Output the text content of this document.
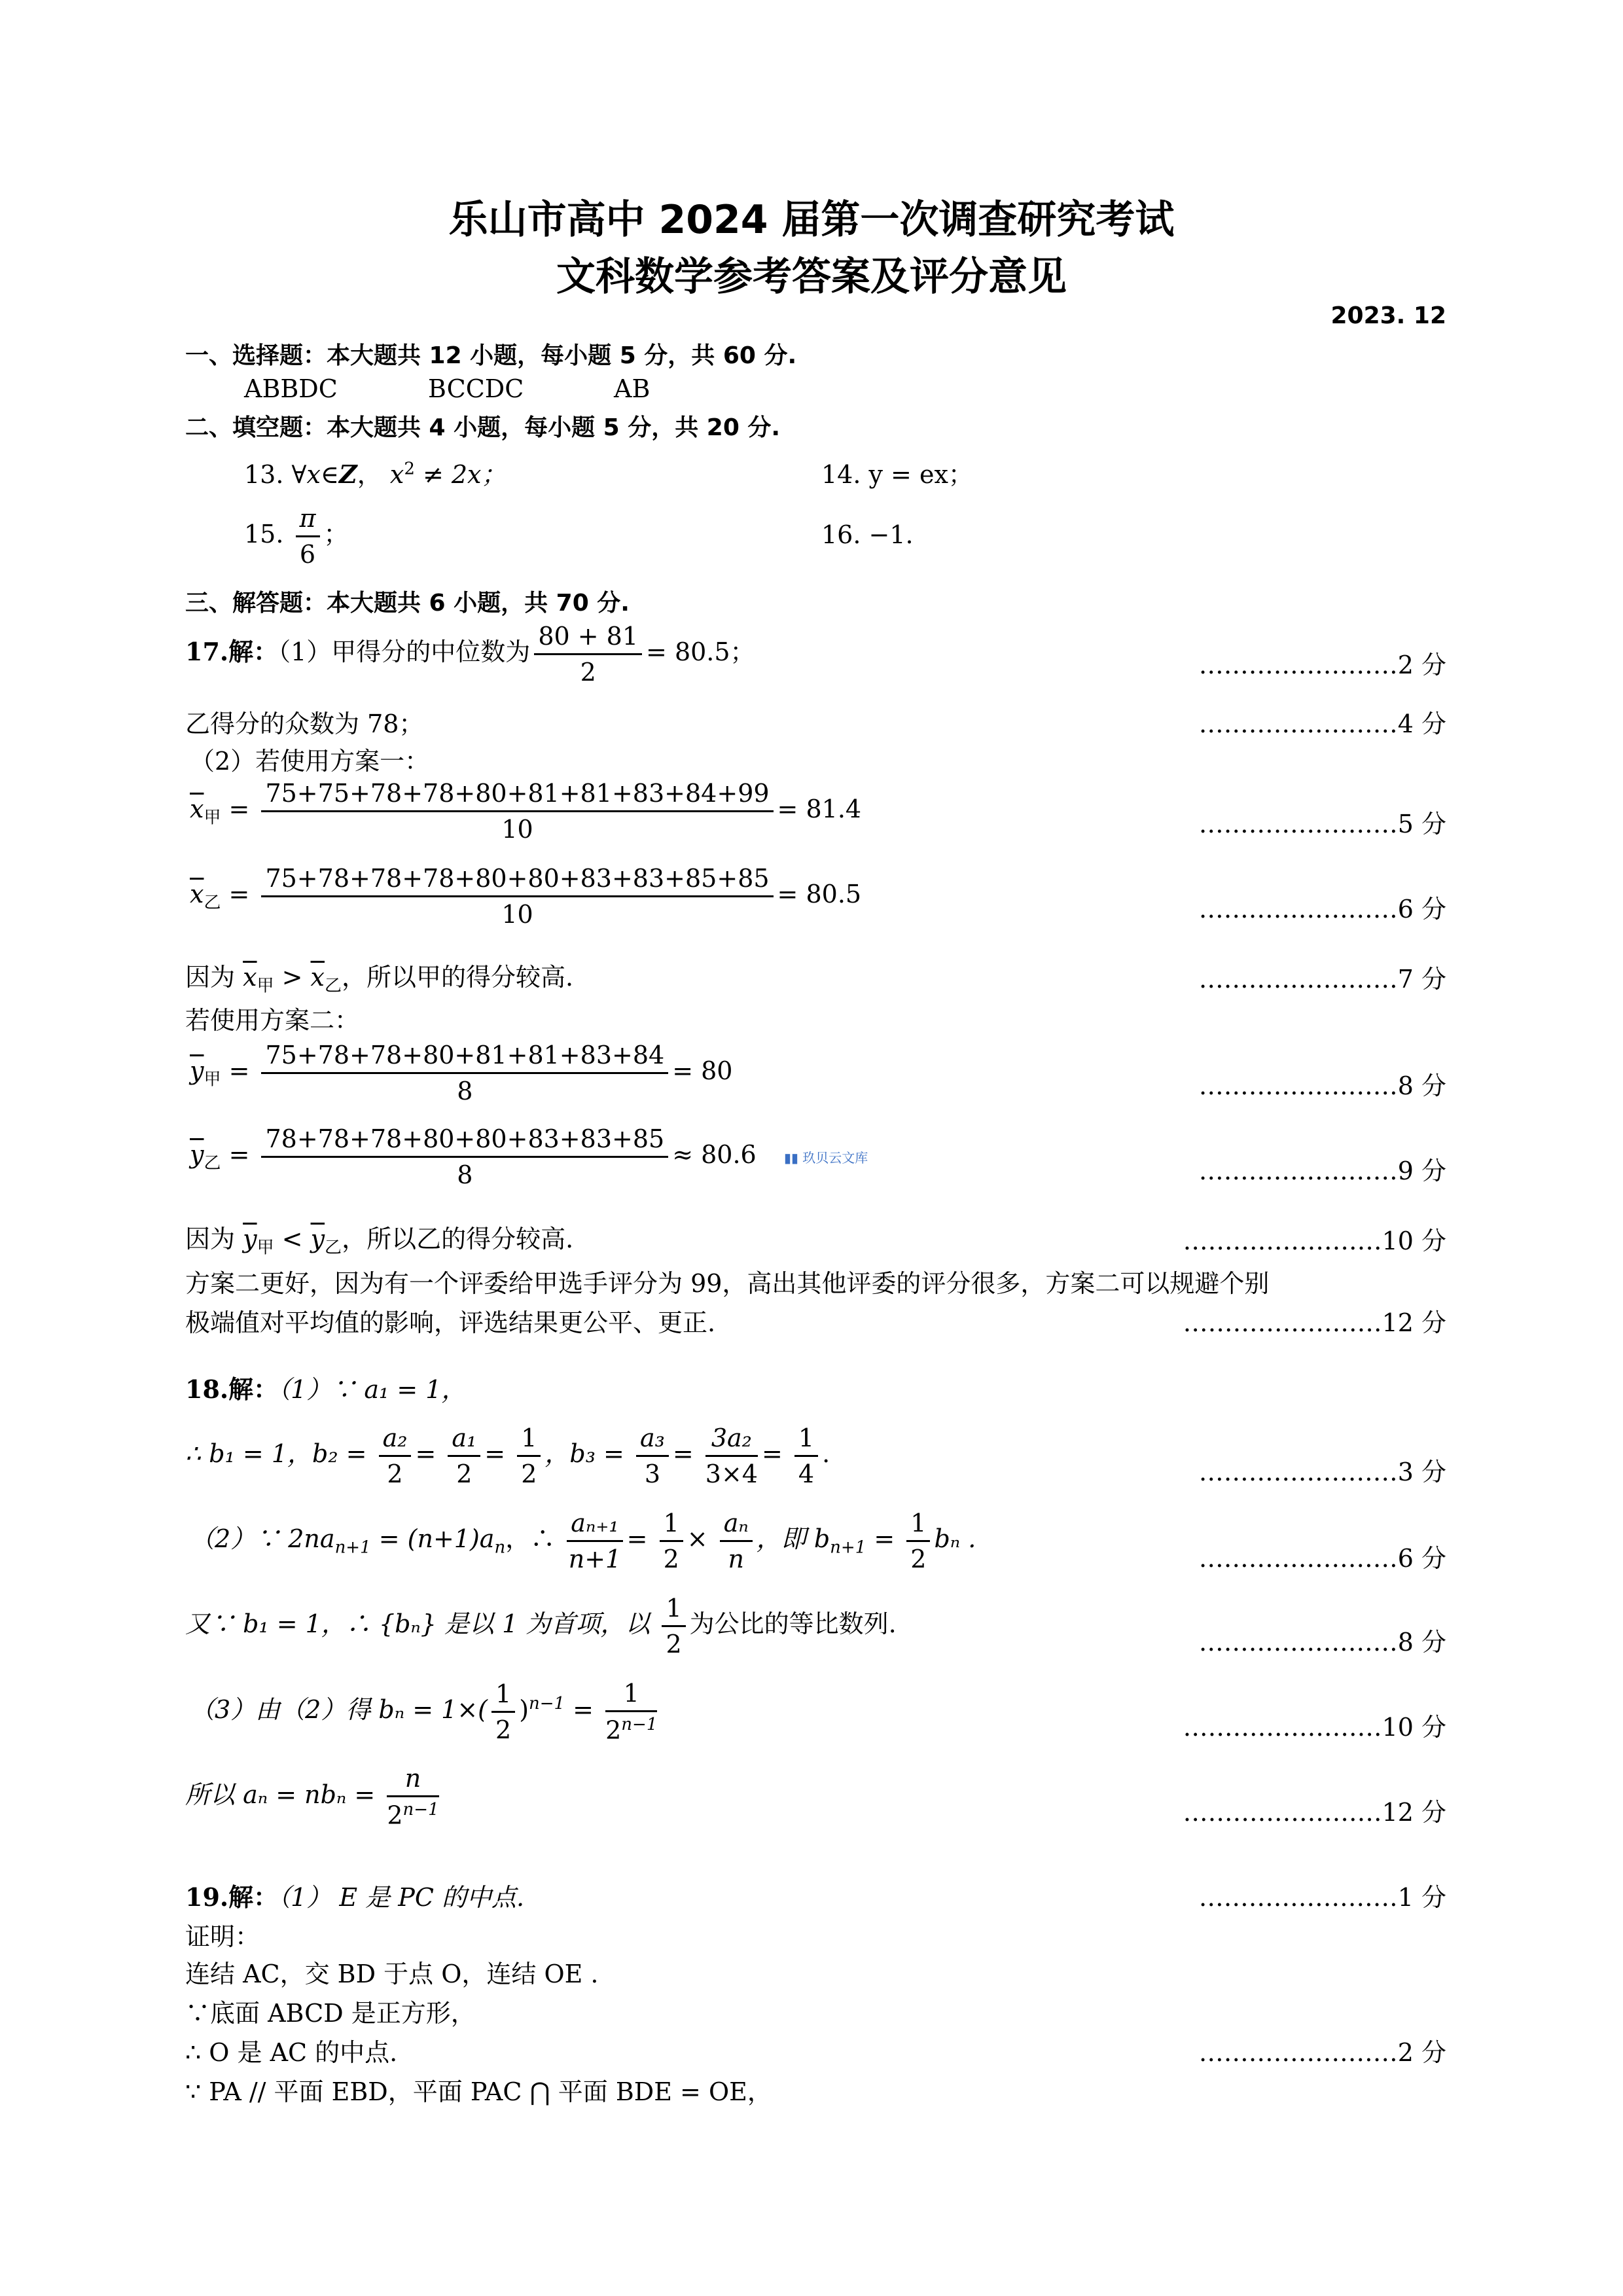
乐山市高中 2024 届第一次调查研究考试
文科数学参考答案及评分意见
2023. 12
一、选择题：本大题共 12 小题，每小题 5 分，共 60 分.
ABBDC	BCCDC	AB
二、填空题：本大题共 4 小题，每小题 5 分，共 20 分.
13. ∀x∈Z， $x^2 \ne 2x$；	14. y = ex；
15. $\frac{\pi}{6}$ ；	16. −1.
三、解答题：本大题共 6 小题，共 70 分.
17.解：（1）甲得分的中位数为 $\frac{80 + 81}{2} = 80.5$；	……………………2 分
乙得分的众数为 78；	……………………4 分
（2）若使用方案一：
$\overline{x}_甲 = \frac{75+75+78+78+80+81+81+83+84+99}{10} = 81.4$
……………………5 分
$\overline{x}_乙 = \frac{75+78+78+78+80+80+83+83+85+85}{10} = 80.5$
……………………6 分
因为 $\overline{x}_甲 > \overline{x}_乙$，所以甲的得分较高.	……………………7 分
若使用方案二：
$\overline{y}_甲 = \frac{75+78+78+80+81+81+83+84}{8} = 80$
……………………8 分
$\overline{y}_乙 = \frac{78+78+78+80+80+83+83+85}{8} \approx 80.6$ ▮▮ 玖贝云文库	……………………9 分
因为 $\overline{y}_甲 < \overline{y}_乙$，所以乙的得分较高.	……………………10 分
方案二更好，因为有一个评委给甲选手评分为 99，高出其他评委的评分很多，方案二可以规避个别
极端值对平均值的影响，评选结果更公平、更正.	……………………12 分
18.解：（1）∵ a₁ = 1，
∴ b₁ = 1，$b_2 = \frac{\text{a₂}}{2} = \frac{\text{a₁}}{2} = \frac{1}{2}$ ，$b_3 = \frac{\text{a₃}}{3} = \frac{\text{3a₂}}{3\times 4} = \frac{1}{4}$ .
……………………3 分
（2）∵ $2na_{n+1} = (n+1)a_n$，∴ $\frac{\text{aₙ₊₁}}{n+1} = \frac{1}{2} \times \frac{\text{aₙ}}{n}$ ，即 $b_{n+1} = \frac{1}{2}$ bₙ .
……………………6 分
又∵ b₁ = 1，∴ {bₙ} 是以 1 为首项，以 $\frac{1}{2}$ 为公比的等比数列.
……………………8 分
（3）由（2）得 $b_n = 1\times( \frac{1}{2} )^{n-1} = \frac{1}{2^{n-1}}$	……………………10 分
所以 $a_n = nb_n = \frac{n}{2^{n-1}}$	……………………12 分
19.解：（1） E 是 PC 的中点.	……………………1 分
证明：
连结 AC，交 BD 于点 O，连结 OE .
∵底面 ABCD 是正方形，
∴ O 是 AC 的中点.	……………………2 分
∵ PA // 平面 EBD，平面 PAC ⋂ 平面 BDE = OE，
